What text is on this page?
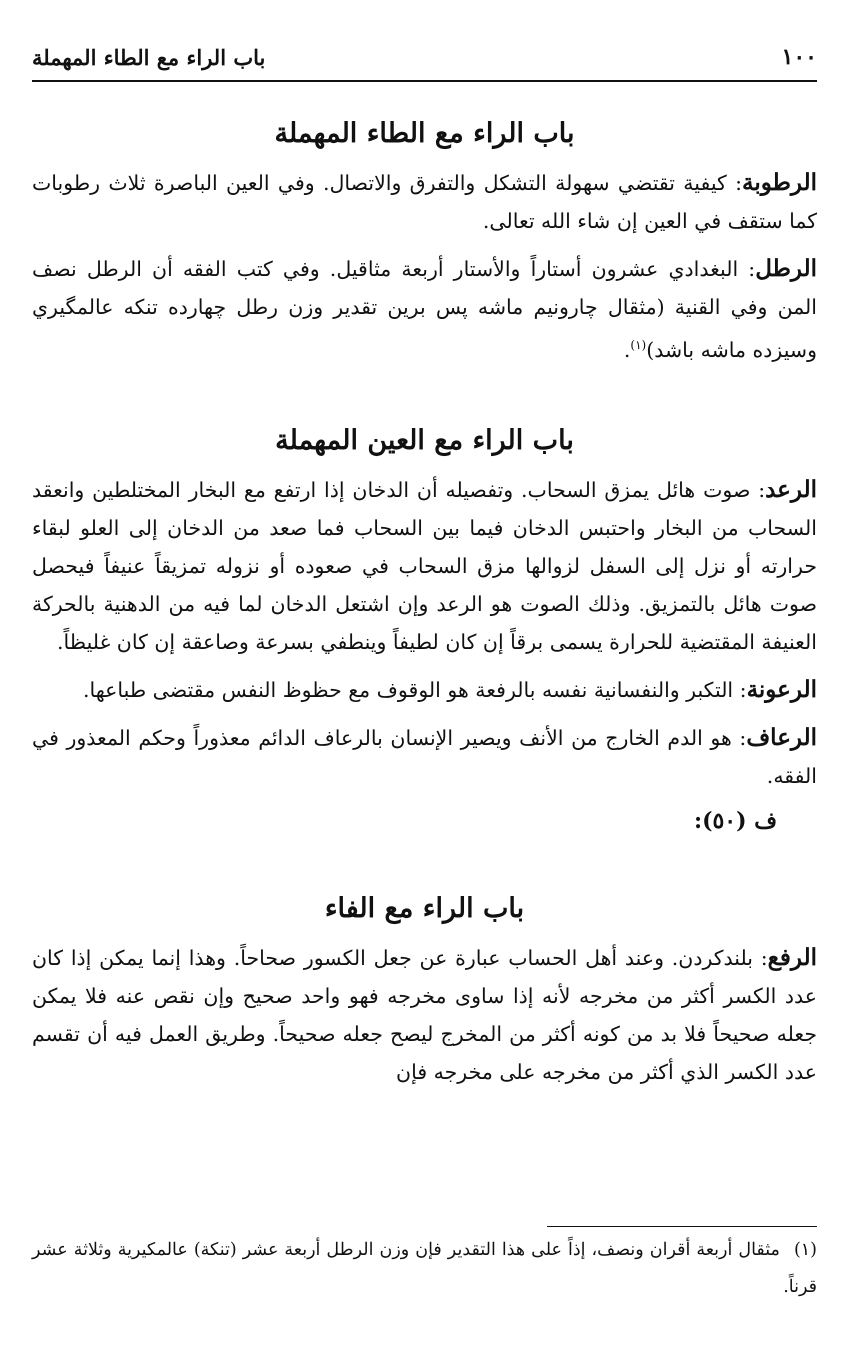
١٠٠
باب الراء مع الطاء المهملة
باب الراء مع الطاء المهملة

الرطوبة: كيفية تقتضي سهولة التشكل والتفرق والاتصال. وفي العين الباصرة ثلاث رطوبات كما ستقف في العين إن شاء الله تعالى.

الرطل: البغدادي عشرون أستاراً والأستار أربعة مثاقيل. وفي كتب الفقه أن الرطل نصف المن وفي القنية (مثقال چارونيم ماشه پس برين تقدير وزن رطل چهارده تنكه عالمگيري وسيزده ماشه باشد)$^{(١)}$.

باب الراء مع العين المهملة

الرعد: صوت هائل يمزق السحاب. وتفصيله أن الدخان إذا ارتفع مع البخار المختلطين وانعقد السحاب من البخار واحتبس الدخان فيما بين السحاب فما صعد من الدخان إلى العلو لبقاء حرارته أو نزل إلى السفل لزوالها مزق السحاب في صعوده أو نزوله تمزيقاً عنيفاً فيحصل صوت هائل بالتمزيق. وذلك الصوت هو الرعد وإن اشتعل الدخان لما فيه من الدهنية بالحركة العنيفة المقتضية للحرارة يسمى برقاً إن كان لطيفاً وينطفي بسرعة وصاعقة إن كان غليظاً.

الرعونة: التكبر والنفسانية نفسه بالرفعة هو الوقوف مع حظوظ النفس مقتضى طباعها.

الرعاف: هو الدم الخارج من الأنف ويصير الإنسان بالرعاف الدائم معذوراً وحكم المعذور في الفقه.

ف (٥٠):

باب الراء مع الفاء

الرفع: بلندكردن. وعند أهل الحساب عبارة عن جعل الكسور صحاحاً. وهذا إنما يمكن إذا كان عدد الكسر أكثر من مخرجه لأنه إذا ساوى مخرجه فهو واحد صحيح وإن نقص عنه فلا يمكن جعله صحيحاً فلا بد من كونه أكثر من المخرج ليصح جعله صحيحاً. وطريق العمل فيه أن تقسم عدد الكسر الذي أكثر من مخرجه على مخرجه فإن

(١)مثقال أربعة أقران ونصف، إذاً على هذا التقدير فإن وزن الرطل أربعة عشر (تنكة) عالمكيرية وثلاثة عشر قرناً.
